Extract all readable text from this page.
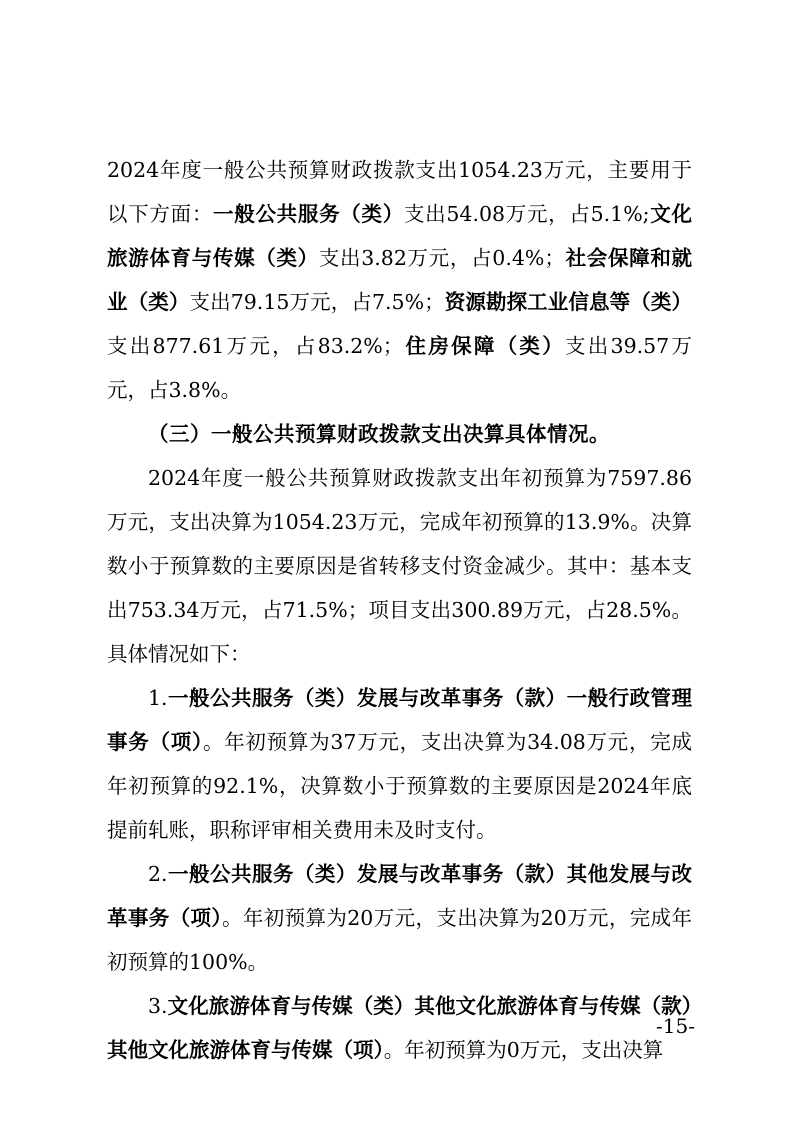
2024年度一般公共预算财政拨款支出1054.23万元，主要用于以下方面：一般公共服务（类）支出54.08万元，占5.1%;文化旅游体育与传媒（类）支出3.82万元，占0.4%；社会保障和就业（类）支出79.15万元，占7.5%；资源勘探工业信息等（类）支出877.61万元，占83.2%；住房保障（类）支出39.57万元，占3.8%。

（三）一般公共预算财政拨款支出决算具体情况。

2024年度一般公共预算财政拨款支出年初预算为7597.86万元，支出决算为1054.23万元，完成年初预算的13.9%。决算数小于预算数的主要原因是省转移支付资金减少。其中：基本支出753.34万元，占71.5%；项目支出300.89万元，占28.5%。具体情况如下：

1.一般公共服务（类）发展与改革事务（款）一般行政管理事务（项）。年初预算为37万元，支出决算为34.08万元，完成年初预算的92.1%，决算数小于预算数的主要原因是2024年底提前轧账，职称评审相关费用未及时支付。

2.一般公共服务（类）发展与改革事务（款）其他发展与改革事务（项）。年初预算为20万元，支出决算为20万元，完成年初预算的100%。

3.文化旅游体育与传媒（类）其他文化旅游体育与传媒（款）其他文化旅游体育与传媒（项）。年初预算为0万元，支出决算

-15-
